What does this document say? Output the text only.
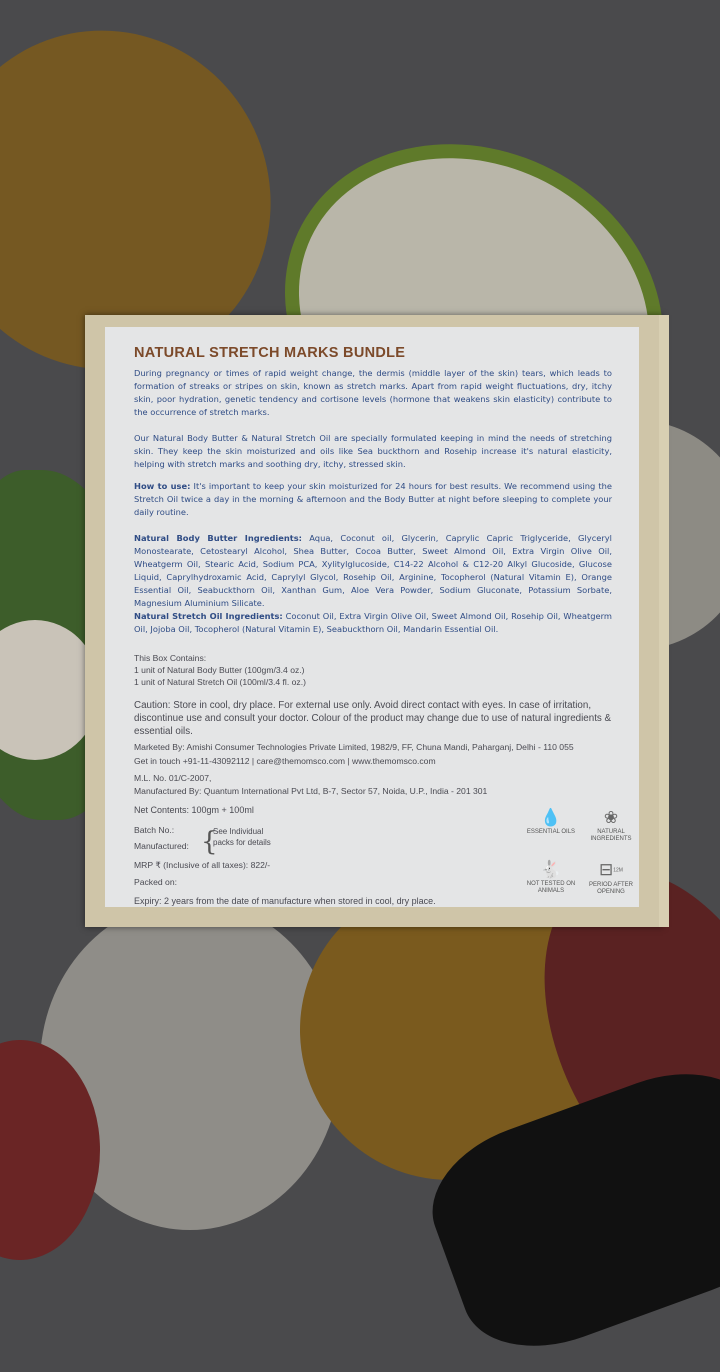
NATURAL STRETCH MARKS BUNDLE
During pregnancy or times of rapid weight change, the dermis (middle layer of the skin) tears, which leads to formation of streaks or stripes on skin, known as stretch marks. Apart from rapid weight fluctuations, dry, itchy skin, poor hydration, genetic tendency and cortisone levels (hormone that weakens skin elasticity) contribute to the occurrence of stretch marks.
Our Natural Body Butter & Natural Stretch Oil are specially formulated keeping in mind the needs of stretching skin. They keep the skin moisturized and oils like Sea buckthorn and Rosehip increase it's natural elasticity, helping with stretch marks and soothing dry, itchy, stressed skin.
How to use: It's important to keep your skin moisturized for 24 hours for best results. We recommend using the Stretch Oil twice a day in the morning & afternoon and the Body Butter at night before sleeping to complete your daily routine.
Natural Body Butter Ingredients: Aqua, Coconut oil, Glycerin, Caprylic Capric Triglyceride, Glyceryl Monostearate, Cetostearyl Alcohol, Shea Butter, Cocoa Butter, Sweet Almond Oil, Extra Virgin Olive Oil, Wheatgerm Oil, Stearic Acid, Sodium PCA, Xylitylglucoside, C14-22 Alcohol & C12-20 Alkyl Glucoside, Glucose Liquid, Caprylhydroxamic Acid, Caprylyl Glycol, Rosehip Oil, Arginine, Tocopherol (Natural Vitamin E), Orange Essential Oil, Seabuckthorn Oil, Xanthan Gum, Aloe Vera Powder, Sodium Gluconate, Potassium Sorbate, Magnesium Aluminium Silicate.
Natural Stretch Oil Ingredients: Coconut Oil, Extra Virgin Olive Oil, Sweet Almond Oil, Rosehip Oil, Wheatgerm Oil, Jojoba Oil, Tocopherol (Natural Vitamin E), Seabuckthorn Oil, Mandarin Essential Oil.
This Box Contains:
1 unit of Natural Body Butter (100gm/3.4 oz.)
1 unit of Natural Stretch Oil (100ml/3.4 fl. oz.)
Caution: Store in cool, dry place. For external use only. Avoid direct contact with eyes. In case of irritation, discontinue use and consult your doctor. Colour of the product may change due to use of natural ingredients & essential oils.
Marketed By: Amishi Consumer Technologies Private Limited, 1982/9, FF, Chuna Mandi, Paharganj, Delhi - 110 055
Get in touch +91-11-43092112 | care@themomsco.com | www.themomsco.com
M.L. No. 01/C-2007,
Manufactured By: Quantum International Pvt Ltd, B-7, Sector 57, Noida, U.P., India - 201 301
Net Contents: 100gm + 100ml
Batch No.:
Manufactured: {
See Individual
packs for details
MRP ₹ (Inclusive of all taxes): 822/-
Packed on:
Expiry: 2 years from the date of manufacture when stored in cool, dry place.
💧
ESSENTIAL OILS
❀
NATURAL INGREDIENTS
🐇
NOT TESTED ON ANIMALS
⊟12M
PERIOD AFTER OPENING
